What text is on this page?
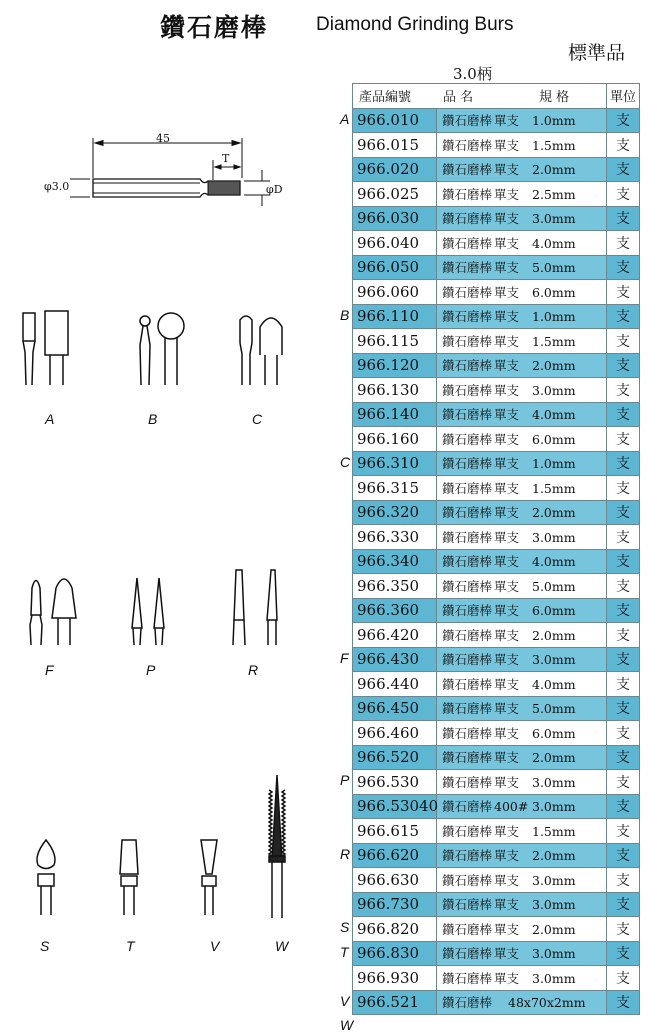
鑽石磨棒	Diamond Grinding Burs
標準品
3.0柄
45
T
φ3.0	φD
A	B	C
F	P	R
S	T	V	W
產品編號 品 名 規 格		單位
966.010	鑽石磨棒 單支 1.0mm	支
966.015	鑽石磨棒 單支 1.5mm	支
966.020	鑽石磨棒 單支 2.0mm	支
966.025	鑽石磨棒 單支 2.5mm	支
966.030	鑽石磨棒 單支 3.0mm	支
966.040	鑽石磨棒 單支 4.0mm	支
966.050	鑽石磨棒 單支 5.0mm	支
966.060	鑽石磨棒 單支 6.0mm	支
966.110	鑽石磨棒 單支 1.0mm	支
966.115	鑽石磨棒 單支 1.5mm	支
966.120	鑽石磨棒 單支 2.0mm	支
966.130	鑽石磨棒 單支 3.0mm	支
966.140	鑽石磨棒 單支 4.0mm	支
966.160	鑽石磨棒 單支 6.0mm	支
966.310	鑽石磨棒 單支 1.0mm	支
966.315	鑽石磨棒 單支 1.5mm	支
966.320	鑽石磨棒 單支 2.0mm	支
966.330	鑽石磨棒 單支 3.0mm	支
966.340	鑽石磨棒 單支 4.0mm	支
966.350	鑽石磨棒 單支 5.0mm	支
966.360	鑽石磨棒 單支 6.0mm	支
966.420	鑽石磨棒 單支 2.0mm	支
966.430	鑽石磨棒 單支 3.0mm	支
966.440	鑽石磨棒 單支 4.0mm	支
966.450	鑽石磨棒 單支 5.0mm	支
966.460	鑽石磨棒 單支 6.0mm	支
966.520	鑽石磨棒 單支 2.0mm	支
966.530	鑽石磨棒 單支 3.0mm	支
966.53040	鑽石磨棒 400# 3.0mm	支
966.615	鑽石磨棒 單支 1.5mm	支
966.620	鑽石磨棒 單支 2.0mm	支
966.630	鑽石磨棒 單支 3.0mm	支
966.730	鑽石磨棒 單支 3.0mm	支
966.820	鑽石磨棒 單支 2.0mm	支
966.830	鑽石磨棒 單支 3.0mm	支
966.930	鑽石磨棒 單支 3.0mm	支
966.521	鑽石磨棒 48x70x2mm	支
A
B
C
F
P
R
S
T
V
W
